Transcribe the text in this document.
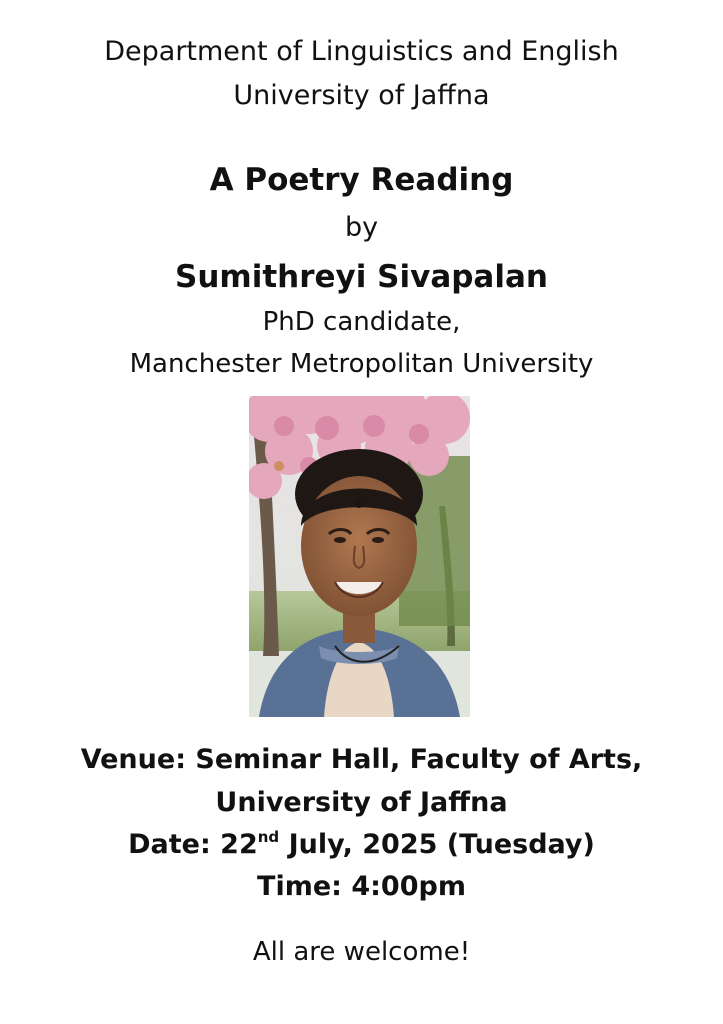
Department of Linguistics and English
University of Jaffna
A Poetry Reading
by
Sumithreyi Sivapalan
PhD candidate,
Manchester Metropolitan University
Venue: Seminar Hall, Faculty of Arts,
University of Jaffna
Date: 22nd July, 2025 (Tuesday)
Time: 4:00pm
All are welcome!
